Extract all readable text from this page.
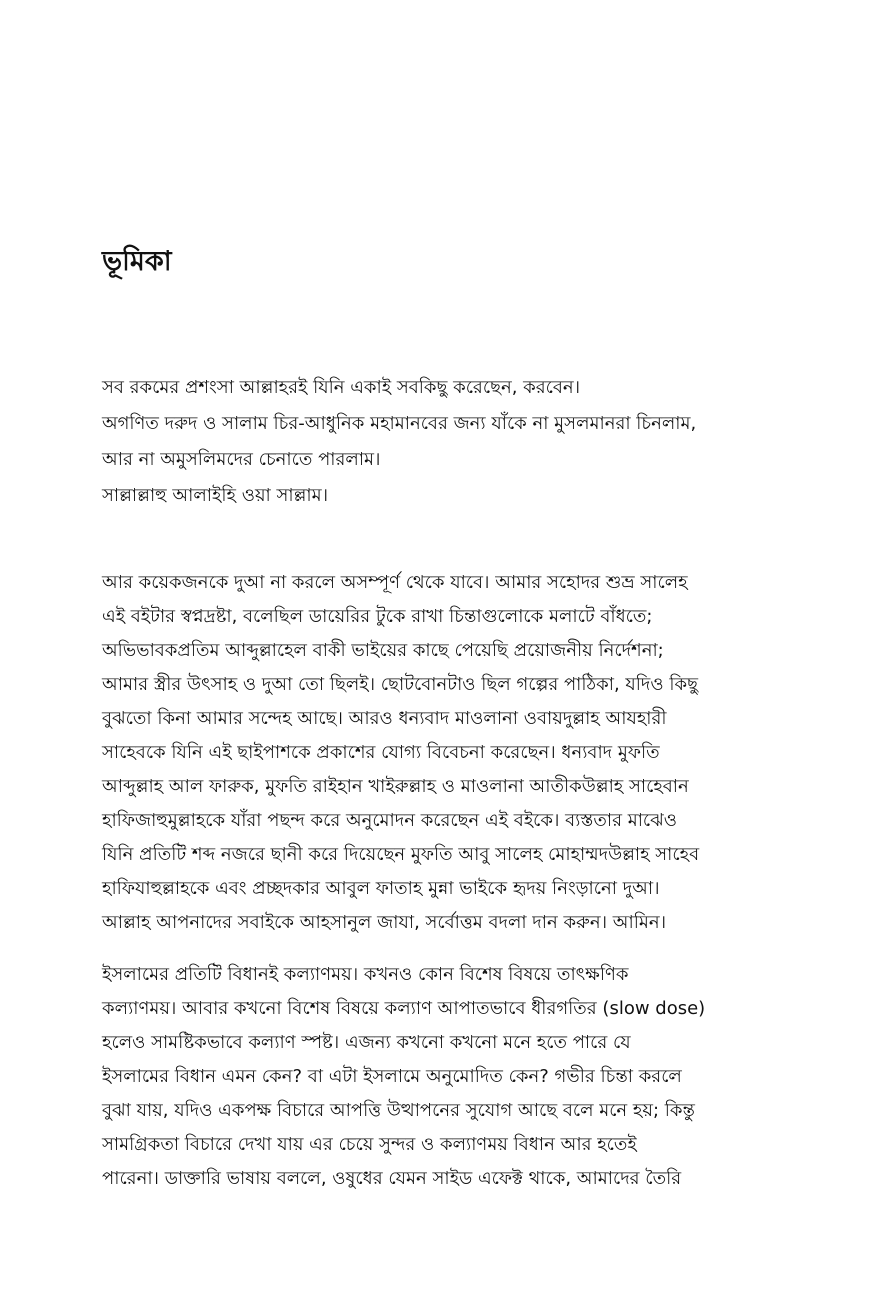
ভূমিকা
সব রকমের প্রশংসা আল্লাহরই যিনি একাই সবকিছু করেছেন, করবেন।
অগণিত দরুদ ও সালাম চির-আধুনিক মহামানবের জন্য যাঁকে না মুসলমানরা চিনলাম,
আর না অমুসলিমদের চেনাতে পারলাম।
সাল্লাল্লাহু আলাইহি ওয়া সাল্লাম।
আর কয়েকজনকে দুআ না করলে অসম্পূর্ণ থেকে যাবে। আমার সহোদর শুভ্র সালেহ
এই বইটার স্বপ্নদ্রষ্টা, বলেছিল ডায়েরির টুকে রাখা চিন্তাগুলোকে মলাটে বাঁধতে;
অভিভাবকপ্রতিম আব্দুল্লাহেল বাকী ভাইয়ের কাছে পেয়েছি প্রয়োজনীয় নির্দেশনা;
আমার স্ত্রীর উৎসাহ ও দুআ তো ছিলই। ছোটবোনটাও ছিল গল্পের পাঠিকা, যদিও কিছু
বুঝতো কিনা আমার সন্দেহ আছে। আরও ধন্যবাদ মাওলানা ওবায়দুল্লাহ আযহারী
সাহেবকে যিনি এই ছাইপাশকে প্রকাশের যোগ্য বিবেচনা করেছেন। ধন্যবাদ মুফতি
আব্দুল্লাহ আল ফারুক, মুফতি রাইহান খাইরুল্লাহ ও মাওলানা আতীকউল্লাহ সাহেবান
হাফিজাহুমুল্লাহকে যাঁরা পছন্দ করে অনুমোদন করেছেন এই বইকে। ব্যস্ততার মাঝেও
যিনি প্রতিটি শব্দ নজরে ছানী করে দিয়েছেন মুফতি আবু সালেহ মোহাম্মদউল্লাহ সাহেব
হাফিযাহুল্লাহকে এবং প্রচ্ছদকার আবুল ফাতাহ মুন্না ভাইকে হৃদয় নিংড়ানো দুআ।
আল্লাহ আপনাদের সবাইকে আহসানুল জাযা, সর্বোত্তম বদলা দান করুন। আমিন।
ইসলামের প্রতিটি বিধানই কল্যাণময়। কখনও কোন বিশেষ বিষয়ে তাৎক্ষণিক
কল্যাণময়। আবার কখনো বিশেষ বিষয়ে কল্যাণ আপাতভাবে ধীরগতির (slow dose)
হলেও সামষ্টিকভাবে কল্যাণ স্পষ্ট। এজন্য কখনো কখনো মনে হতে পারে যে
ইসলামের বিধান এমন কেন? বা এটা ইসলামে অনুমোদিত কেন? গভীর চিন্তা করলে
বুঝা যায়, যদিও একপক্ষ বিচারে আপত্তি উত্থাপনের সুযোগ আছে বলে মনে হয়; কিন্তু
সামগ্রিকতা বিচারে দেখা যায় এর চেয়ে সুন্দর ও কল্যাণময় বিধান আর হতেই
পারেনা। ডাক্তারি ভাষায় বললে, ওষুধের যেমন সাইড এফেক্ট থাকে, আমাদের তৈরি
